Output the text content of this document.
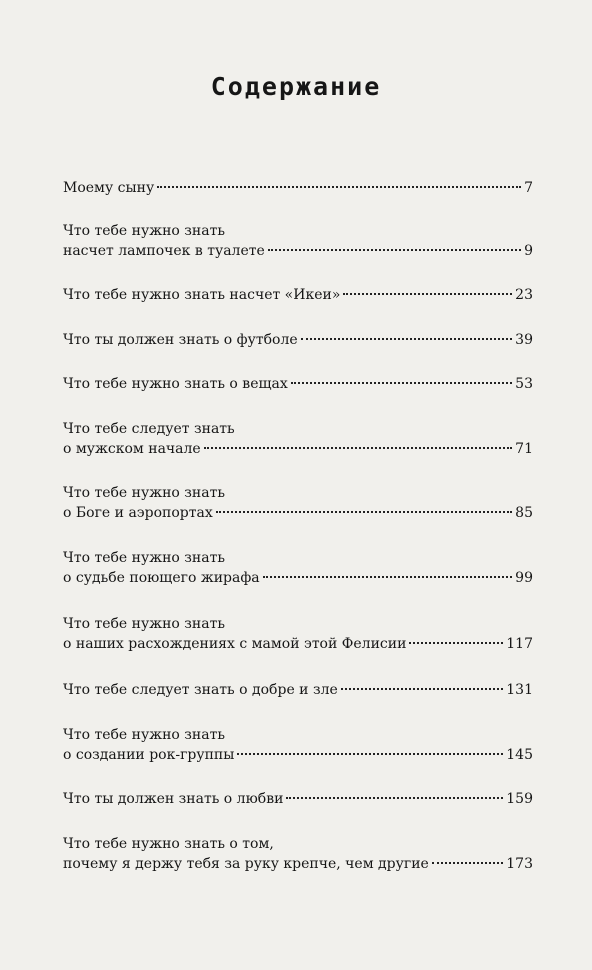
Содержание
Моему сыну	7
Что тебе нужно знать
насчет лампочек в туалете	9
Что тебе нужно знать насчет «Икеи»	23
Что ты должен знать о футболе	39
Что тебе нужно знать о вещах	53
Что тебе следует знать
о мужском начале	71
Что тебе нужно знать
о Боге и аэропортах	85
Что тебе нужно знать
о судьбе поющего жирафа	99
Что тебе нужно знать
о наших расхождениях с мамой этой Фелисии	117
Что тебе следует знать о добре и зле	131
Что тебе нужно знать
о создании рок-группы	145
Что ты должен знать о любви	159
Что тебе нужно знать о том,
почему я держу тебя за руку крепче, чем другие	173
